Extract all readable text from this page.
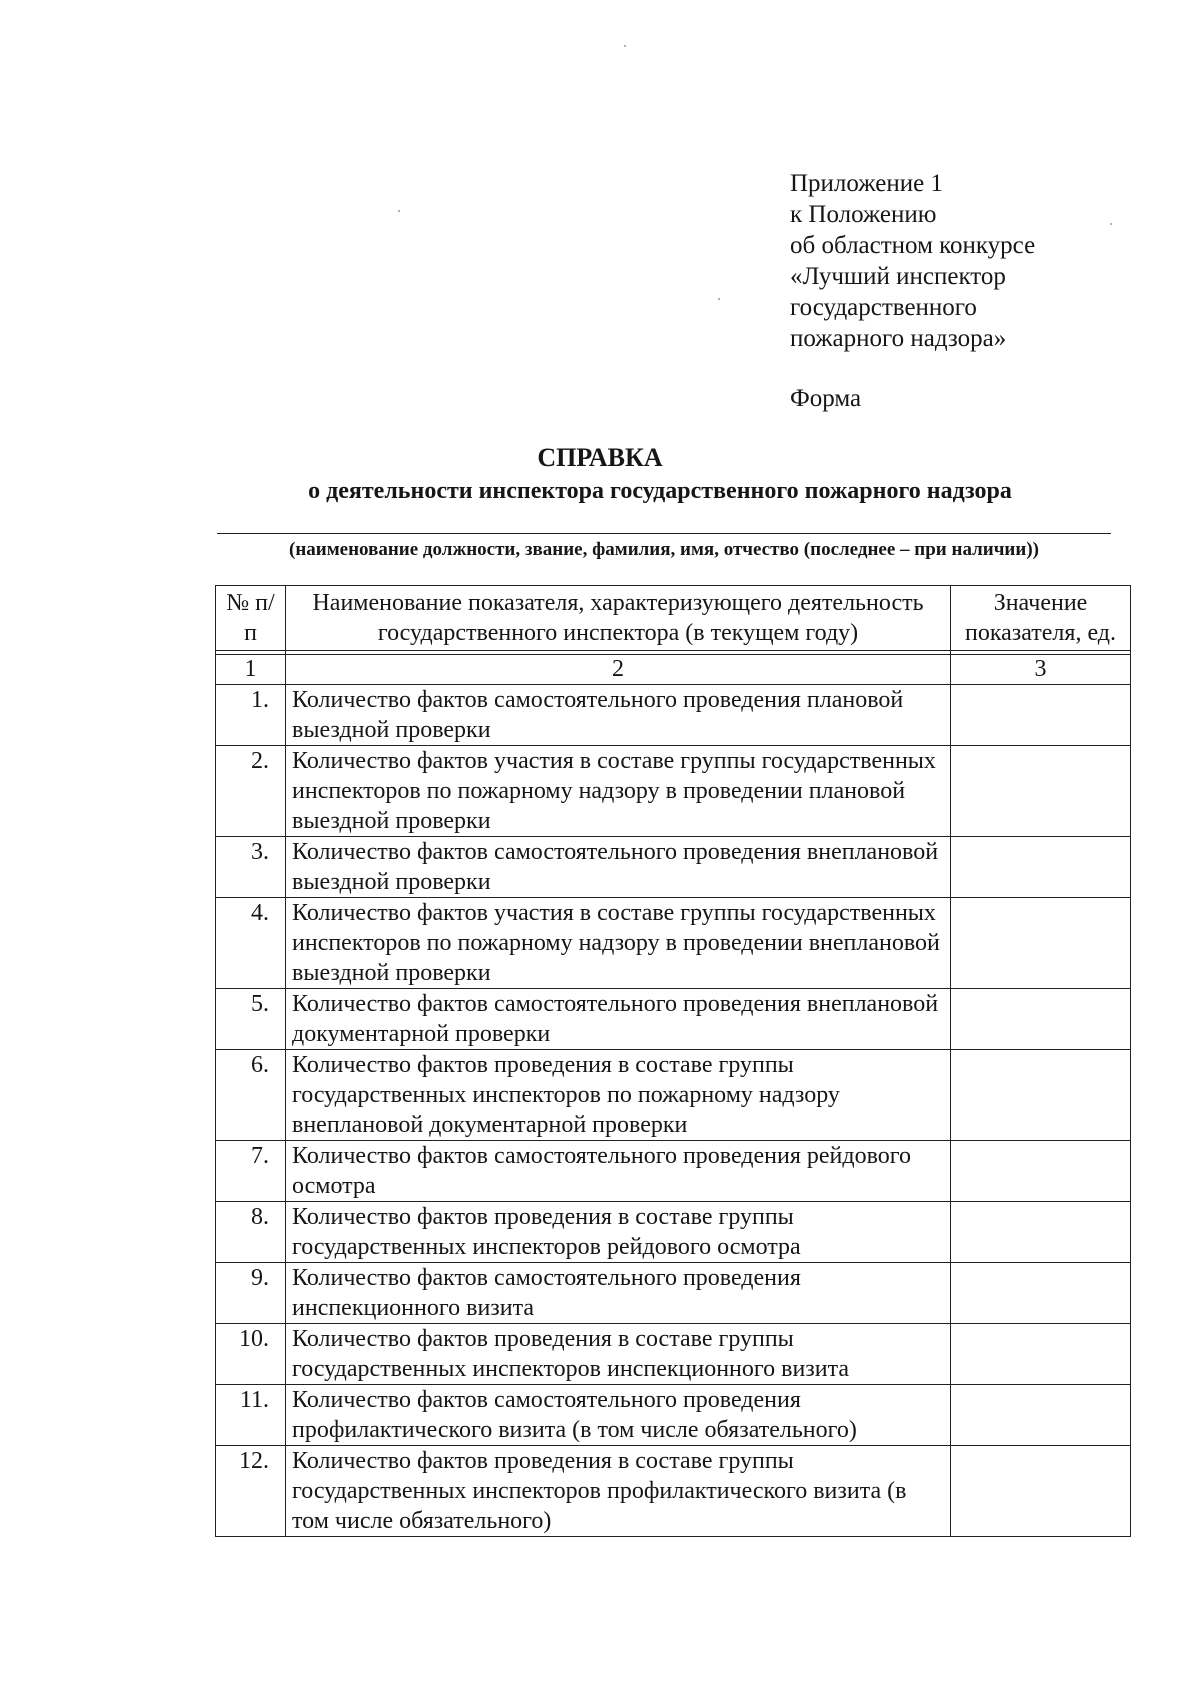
Приложение 1
к Положению
об областном конкурсе
«Лучший инспектор
государственного
пожарного надзора»
Форма
СПРАВКА
о деятельности инспектора государственного пожарного надзора
(наименование должности, звание, фамилия, имя, отчество (последнее – при наличии))
№ п/п	Наименование показателя, характеризующего деятельность государственного инспектора (в текущем году)	Значение показателя, ед.

1	2	3
1.	Количество фактов самостоятельного проведения плановой выездной проверки	
2.	Количество фактов участия в составе группы государственных инспекторов по пожарному надзору в проведении плановой выездной проверки	
3.	Количество фактов самостоятельного проведения внеплановой выездной проверки	
4.	Количество фактов участия в составе группы государственных инспекторов по пожарному надзору в проведении внеплановой выездной проверки	
5.	Количество фактов самостоятельного проведения внеплановой документарной проверки	
6.	Количество фактов проведения в составе группы государственных инспекторов по пожарному надзору внеплановой документарной проверки	
7.	Количество фактов самостоятельного проведения рейдового осмотра	
8.	Количество фактов проведения в составе группы государственных инспекторов рейдового осмотра	
9.	Количество фактов самостоятельного проведения инспекционного визита	
10.	Количество фактов проведения в составе группы государственных инспекторов инспекционного визита	
11.	Количество фактов самостоятельного проведения профилактического визита (в том числе обязательного)	
12.	Количество фактов проведения в составе группы государственных инспекторов профилактического визита (в том числе обязательного)	
